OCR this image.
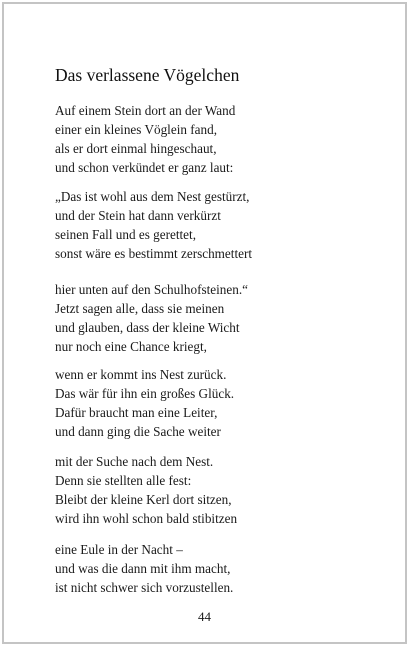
Das verlassene Vögelchen
Auf einem Stein dort an der Wand
einer ein kleines Vöglein fand,
als er dort einmal hingeschaut,
und schon verkündet er ganz laut:
„Das ist wohl aus dem Nest gestürzt,
und der Stein hat dann verkürzt
seinen Fall und es gerettet,
sonst wäre es bestimmt zerschmettert
hier unten auf den Schulhofsteinen.“
Jetzt sagen alle, dass sie meinen
und glauben, dass der kleine Wicht
nur noch eine Chance kriegt,
wenn er kommt ins Nest zurück.
Das wär für ihn ein großes Glück.
Dafür braucht man eine Leiter,
und dann ging die Sache weiter
mit der Suche nach dem Nest.
Denn sie stellten alle fest:
Bleibt der kleine Kerl dort sitzen,
wird ihn wohl schon bald stibitzen
eine Eule in der Nacht –
und was die dann mit ihm macht,
ist nicht schwer sich vorzustellen.
44
